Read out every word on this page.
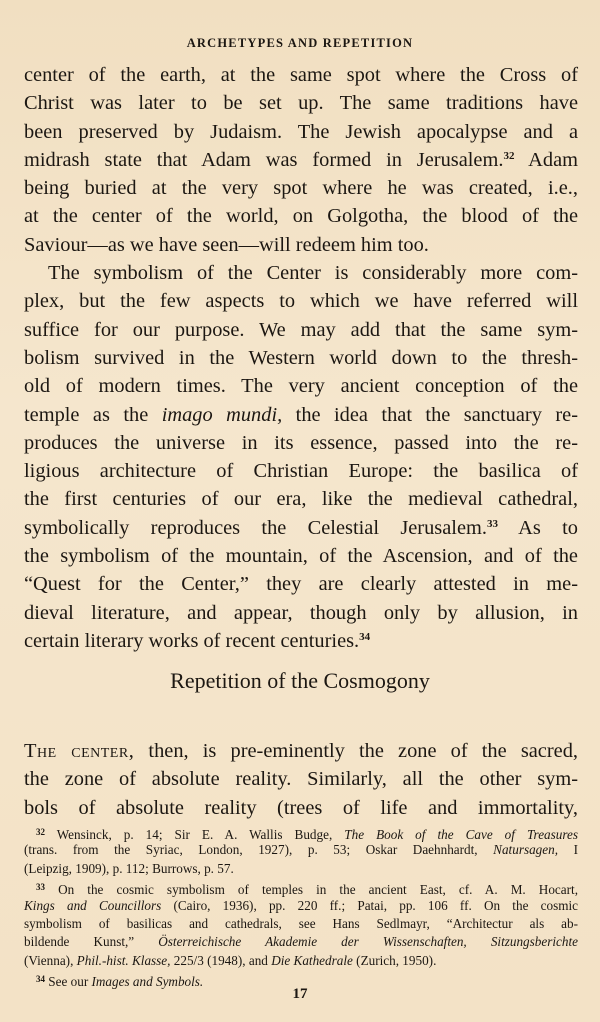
ARCHETYPES AND REPETITION
center of the earth, at the same spot where the Cross of
Christ was later to be set up. The same traditions have
been preserved by Judaism. The Jewish apocalypse and a
midrash state that Adam was formed in Jerusalem.$^{32}$ Adam
being buried at the very spot where he was created, i.e.,
at the center of the world, on Golgotha, the blood of the
Saviour—as we have seen—will redeem him too.
The symbolism of the Center is considerably more com-
plex, but the few aspects to which we have referred will
suffice for our purpose. We may add that the same sym-
bolism survived in the Western world down to the thresh-
old of modern times. The very ancient conception of the
temple as the imago mundi, the idea that the sanctuary re-
produces the universe in its essence, passed into the re-
ligious architecture of Christian Europe: the basilica of
the first centuries of our era, like the medieval cathedral,
symbolically reproduces the Celestial Jerusalem.$^{33}$ As to
the symbolism of the mountain, of the Ascension, and of the
“Quest for the Center,” they are clearly attested in me-
dieval literature, and appear, though only by allusion, in
certain literary works of recent centuries.$^{34}$
Repetition of the Cosmogony
The center, then, is pre-eminently the zone of the sacred,
the zone of absolute reality. Similarly, all the other sym-
bols of absolute reality (trees of life and immortality,
$^{32}$ Wensinck, p. 14; Sir E. A. Wallis Budge, The Book of the Cave of Treasures
(trans. from the Syriac, London, 1927), p. 53; Oskar Daehnhardt, Natursagen, I
(Leipzig, 1909), p. 112; Burrows, p. 57.
$^{33}$ On the cosmic symbolism of temples in the ancient East, cf. A. M. Hocart,
Kings and Councillors (Cairo, 1936), pp. 220 ff.; Patai, pp. 106 ff. On the cosmic
symbolism of basilicas and cathedrals, see Hans Sedlmayr, “Architectur als ab-
bildende Kunst,” Österreichische Akademie der Wissenschaften, Sitzungsberichte
(Vienna), Phil.-hist. Klasse, 225/3 (1948), and Die Kathedrale (Zurich, 1950).
$^{34}$ See our Images and Symbols.
17
